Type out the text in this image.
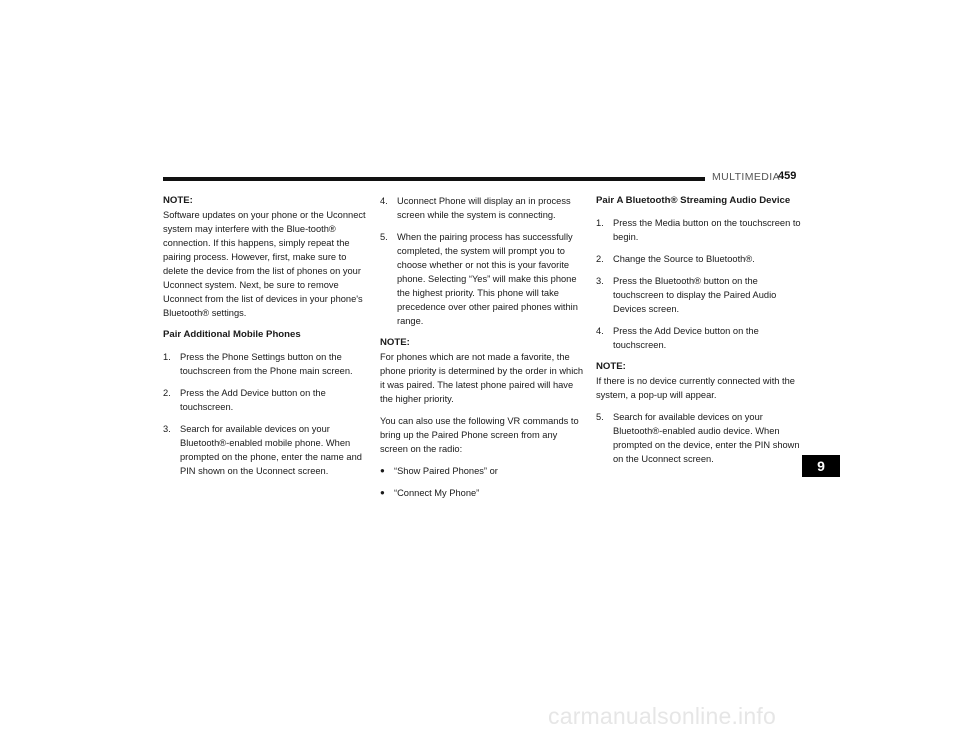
MULTIMEDIA
459
NOTE:
Software updates on your phone or the Uconnect system may interfere with the Blue-tooth® connection. If this happens, simply repeat the pairing process. However, first, make sure to delete the device from the list of phones on your Uconnect system. Next, be sure to remove Uconnect from the list of devices in your phone's Bluetooth® settings.
Pair Additional Mobile Phones
1. Press the Phone Settings button on the touchscreen from the Phone main screen.
2. Press the Add Device button on the touchscreen.
3. Search for available devices on your Bluetooth®-enabled mobile phone. When prompted on the phone, enter the name and PIN shown on the Uconnect screen.
4. Uconnect Phone will display an in process screen while the system is connecting.
5. When the pairing process has successfully completed, the system will prompt you to choose whether or not this is your favorite phone. Selecting “Yes” will make this phone the highest priority. This phone will take precedence over other paired phones within range.
NOTE:
For phones which are not made a favorite, the phone priority is determined by the order in which it was paired. The latest phone paired will have the higher priority.

You can also use the following VR commands to bring up the Paired Phone screen from any screen on the radio:

● “Show Paired Phones” or
● “Connect My Phone”
Pair A Bluetooth® Streaming Audio Device
1. Press the Media button on the touchscreen to begin.
2. Change the Source to Bluetooth®.
3. Press the Bluetooth® button on the touchscreen to display the Paired Audio Devices screen.
4. Press the Add Device button on the touchscreen.
NOTE:
If there is no device currently connected with the system, a pop-up will appear.
5. Search for available devices on your Bluetooth®-enabled audio device. When prompted on the device, enter the PIN shown on the Uconnect screen.	9
carmanualsonline.info
